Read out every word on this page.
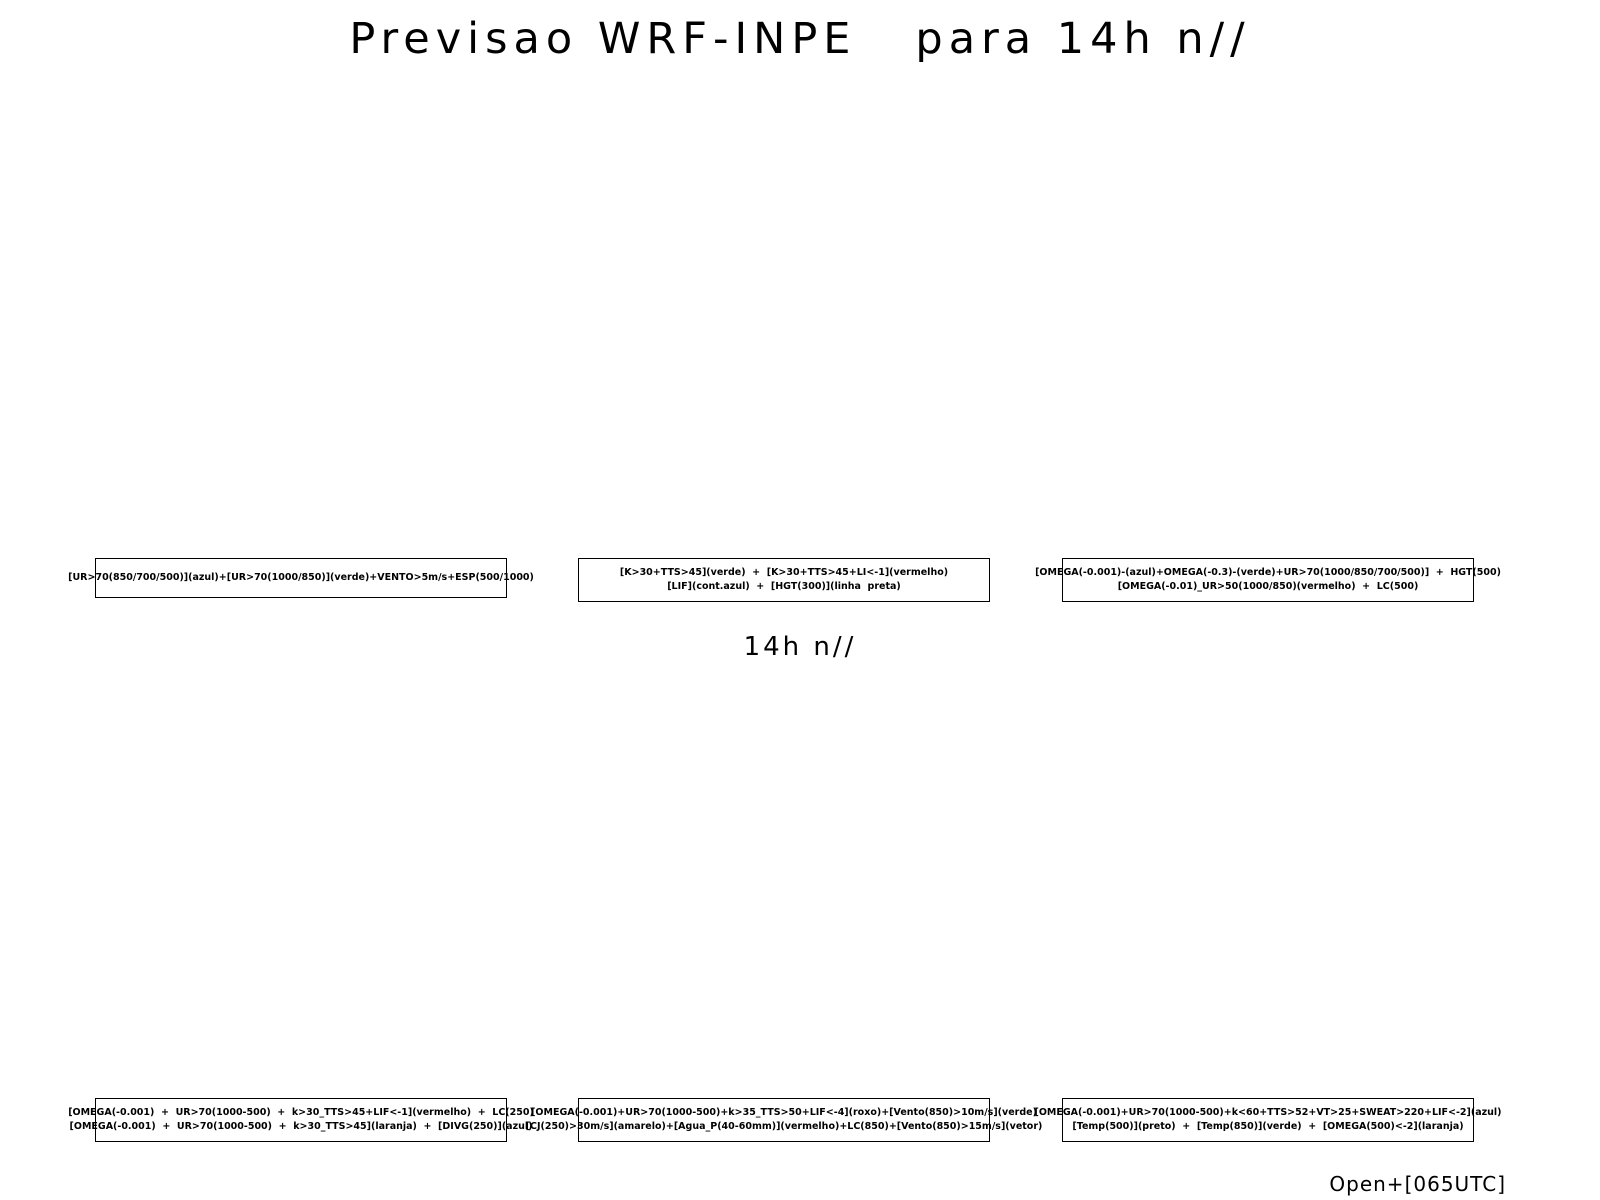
Previsao WRF-INPE   para 14h n//
[UR>70(850/700/500)](azul)+[UR>70(1000/850)](verde)+VENTO>5m/s+ESP(500/1000)	[K>30+TTS>45](verde)  +  [K>30+TTS>45+LI<-1](vermelho)
[LIF](cont.azul)  +  [HGT(300)](linha  preta)
[OMEGA(-0.001)-(azul)+OMEGA(-0.3)-(verde)+UR>70(1000/850/700/500)]  +  HGT(500)
[OMEGA(-0.01)_UR>50(1000/850)(vermelho)  +  LC(500)
14h n//
[OMEGA(-0.001)  +  UR>70(1000-500)  +  k>30_TTS>45+LIF<-1](vermelho)  +  LC(250)
[OMEGA(-0.001)  +  UR>70(1000-500)  +  k>30_TTS>45](laranja)  +  [DIVG(250)](azul)
[OMEGA(-0.001)+UR>70(1000-500)+k>35_TTS>50+LIF<-4](roxo)+[Vento(850)>10m/s](verde)
[CJ(250)>30m/s](amarelo)+[Agua_P(40-60mm)](vermelho)+LC(850)+[Vento(850)>15m/s](vetor)
[OMEGA(-0.001)+UR>70(1000-500)+k<60+TTS>52+VT>25+SWEAT>220+LIF<-2](azul)
[Temp(500)](preto)  +  [Temp(850)](verde)  +  [OMEGA(500)<-2](laranja)
Open+[065UTC]
